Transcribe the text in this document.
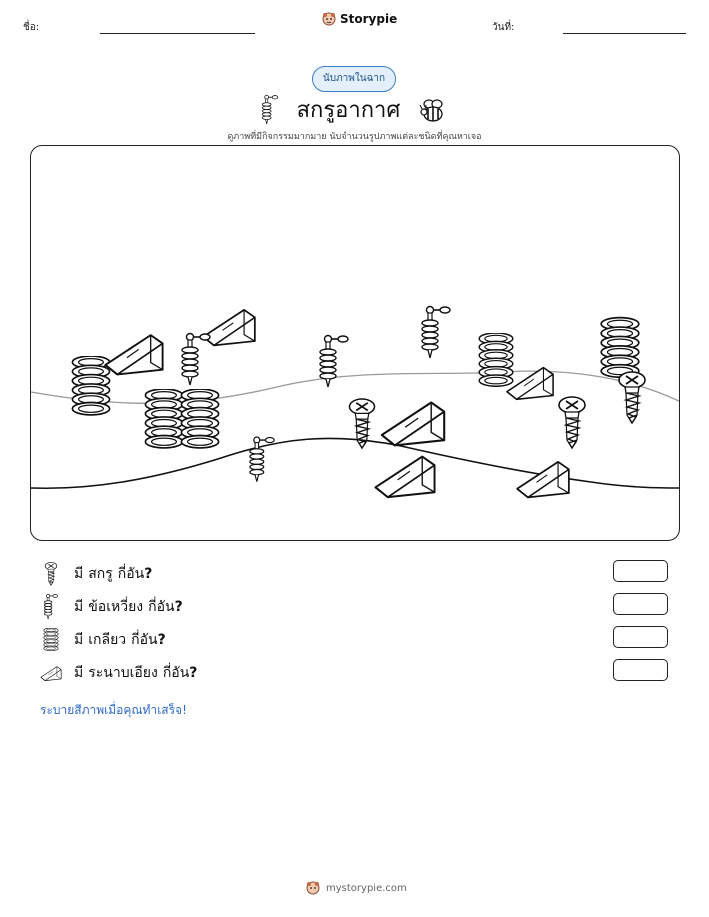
ชื่อ:
Storypie
วันที่:
นับภาพในฉาก
สกรูอากาศ
ดูภาพที่มีกิจกรรมมากมาย นับจำนวนรูปภาพแต่ละชนิดที่คุณหาเจอ
มี สกรู กี่อัน ?
มี ข้อเหวี่ยง กี่อัน ?
มี เกลียว กี่อัน ?
มี ระนาบเอียง กี่อัน ?
ระบายสีภาพเมื่อคุณทำเสร็จ!
mystorypie.com
